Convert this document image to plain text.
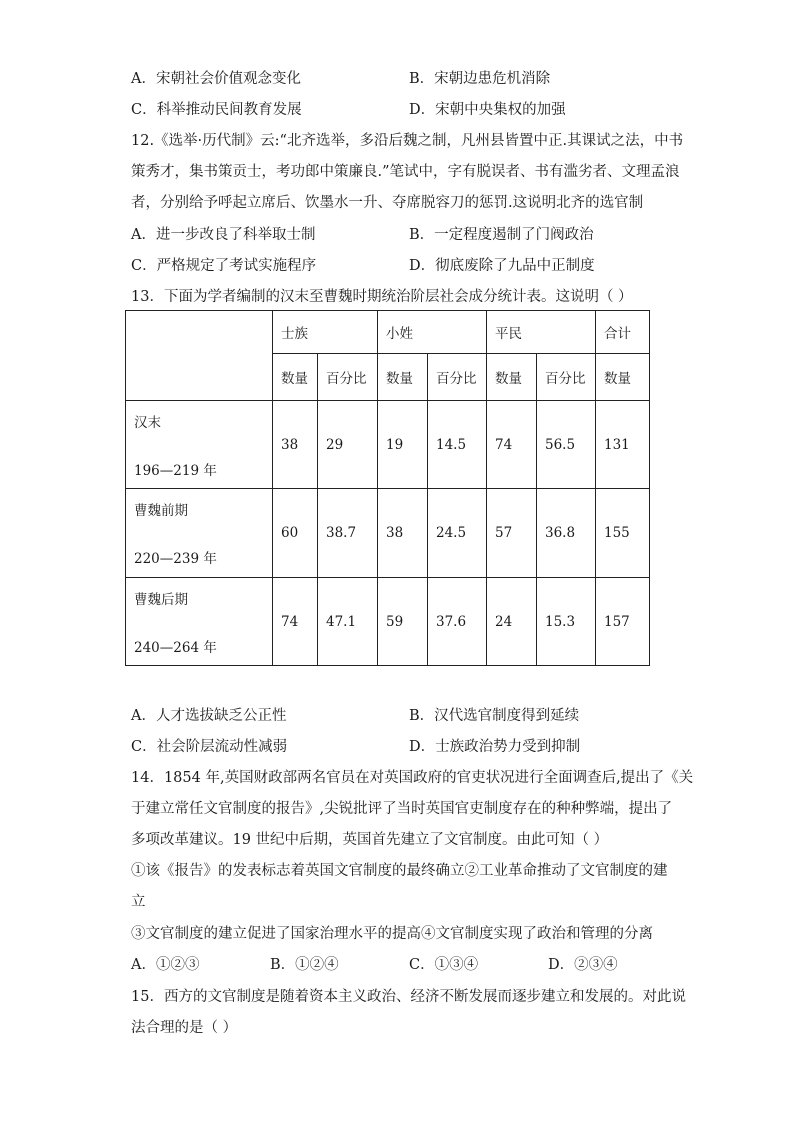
A．宋朝社会价值观念变化	B．宋朝边患危机消除
C．科举推动民间教育发展	D．宋朝中央集权的加强
12.《选举·历代制》云:“北齐选举，多沿后魏之制，凡州县皆置中正.其课试之法，中书
策秀才，集书策贡士，考功郎中策廉良.”笔试中，字有脱误者、书有滥劣者、文理孟浪
者，分别给予呼起立席后、饮墨水一升、夺席脱容刀的惩罚.这说明北齐的选官制
A．进一步改良了科举取士制	B．一定程度遏制了门阀政治
C．严格规定了考试实施程序	D．彻底废除了九品中正制度
13．下面为学者编制的汉末至曹魏时期统治阶层社会成分统计表。这说明（ ）
	士族		小姓		平民		合计
	数量	百分比	数量	百分比	数量	百分比	数量

汉末
196—219 年	38	29	19	14.5	74	56.5	131

曹魏前期
220—239 年	60	38.7	38	24.5	57	36.8	155

曹魏后期
240—264 年	74	47.1	59	37.6	24	15.3	157
A．人才选拔缺乏公正性	B．汉代选官制度得到延续
C．社会阶层流动性减弱	D．士族政治势力受到抑制
14．1854 年,英国财政部两名官员在对英国政府的官吏状况进行全面调查后,提出了《关
于建立常任文官制度的报告》,尖锐批评了当时英国官吏制度存在的种种弊端，提出了
多项改革建议。19 世纪中后期，英国首先建立了文官制度。由此可知（ ）
①该《报告》的发表标志着英国文官制度的最终确立②工业革命推动了文官制度的建
立
③文官制度的建立促进了国家治理水平的提高④文官制度实现了政治和管理的分离
A．①②③	B．①②④	C．①③④	D．②③④
15．西方的文官制度是随着资本主义政治、经济不断发展而逐步建立和发展的。对此说
法合理的是（ ）
